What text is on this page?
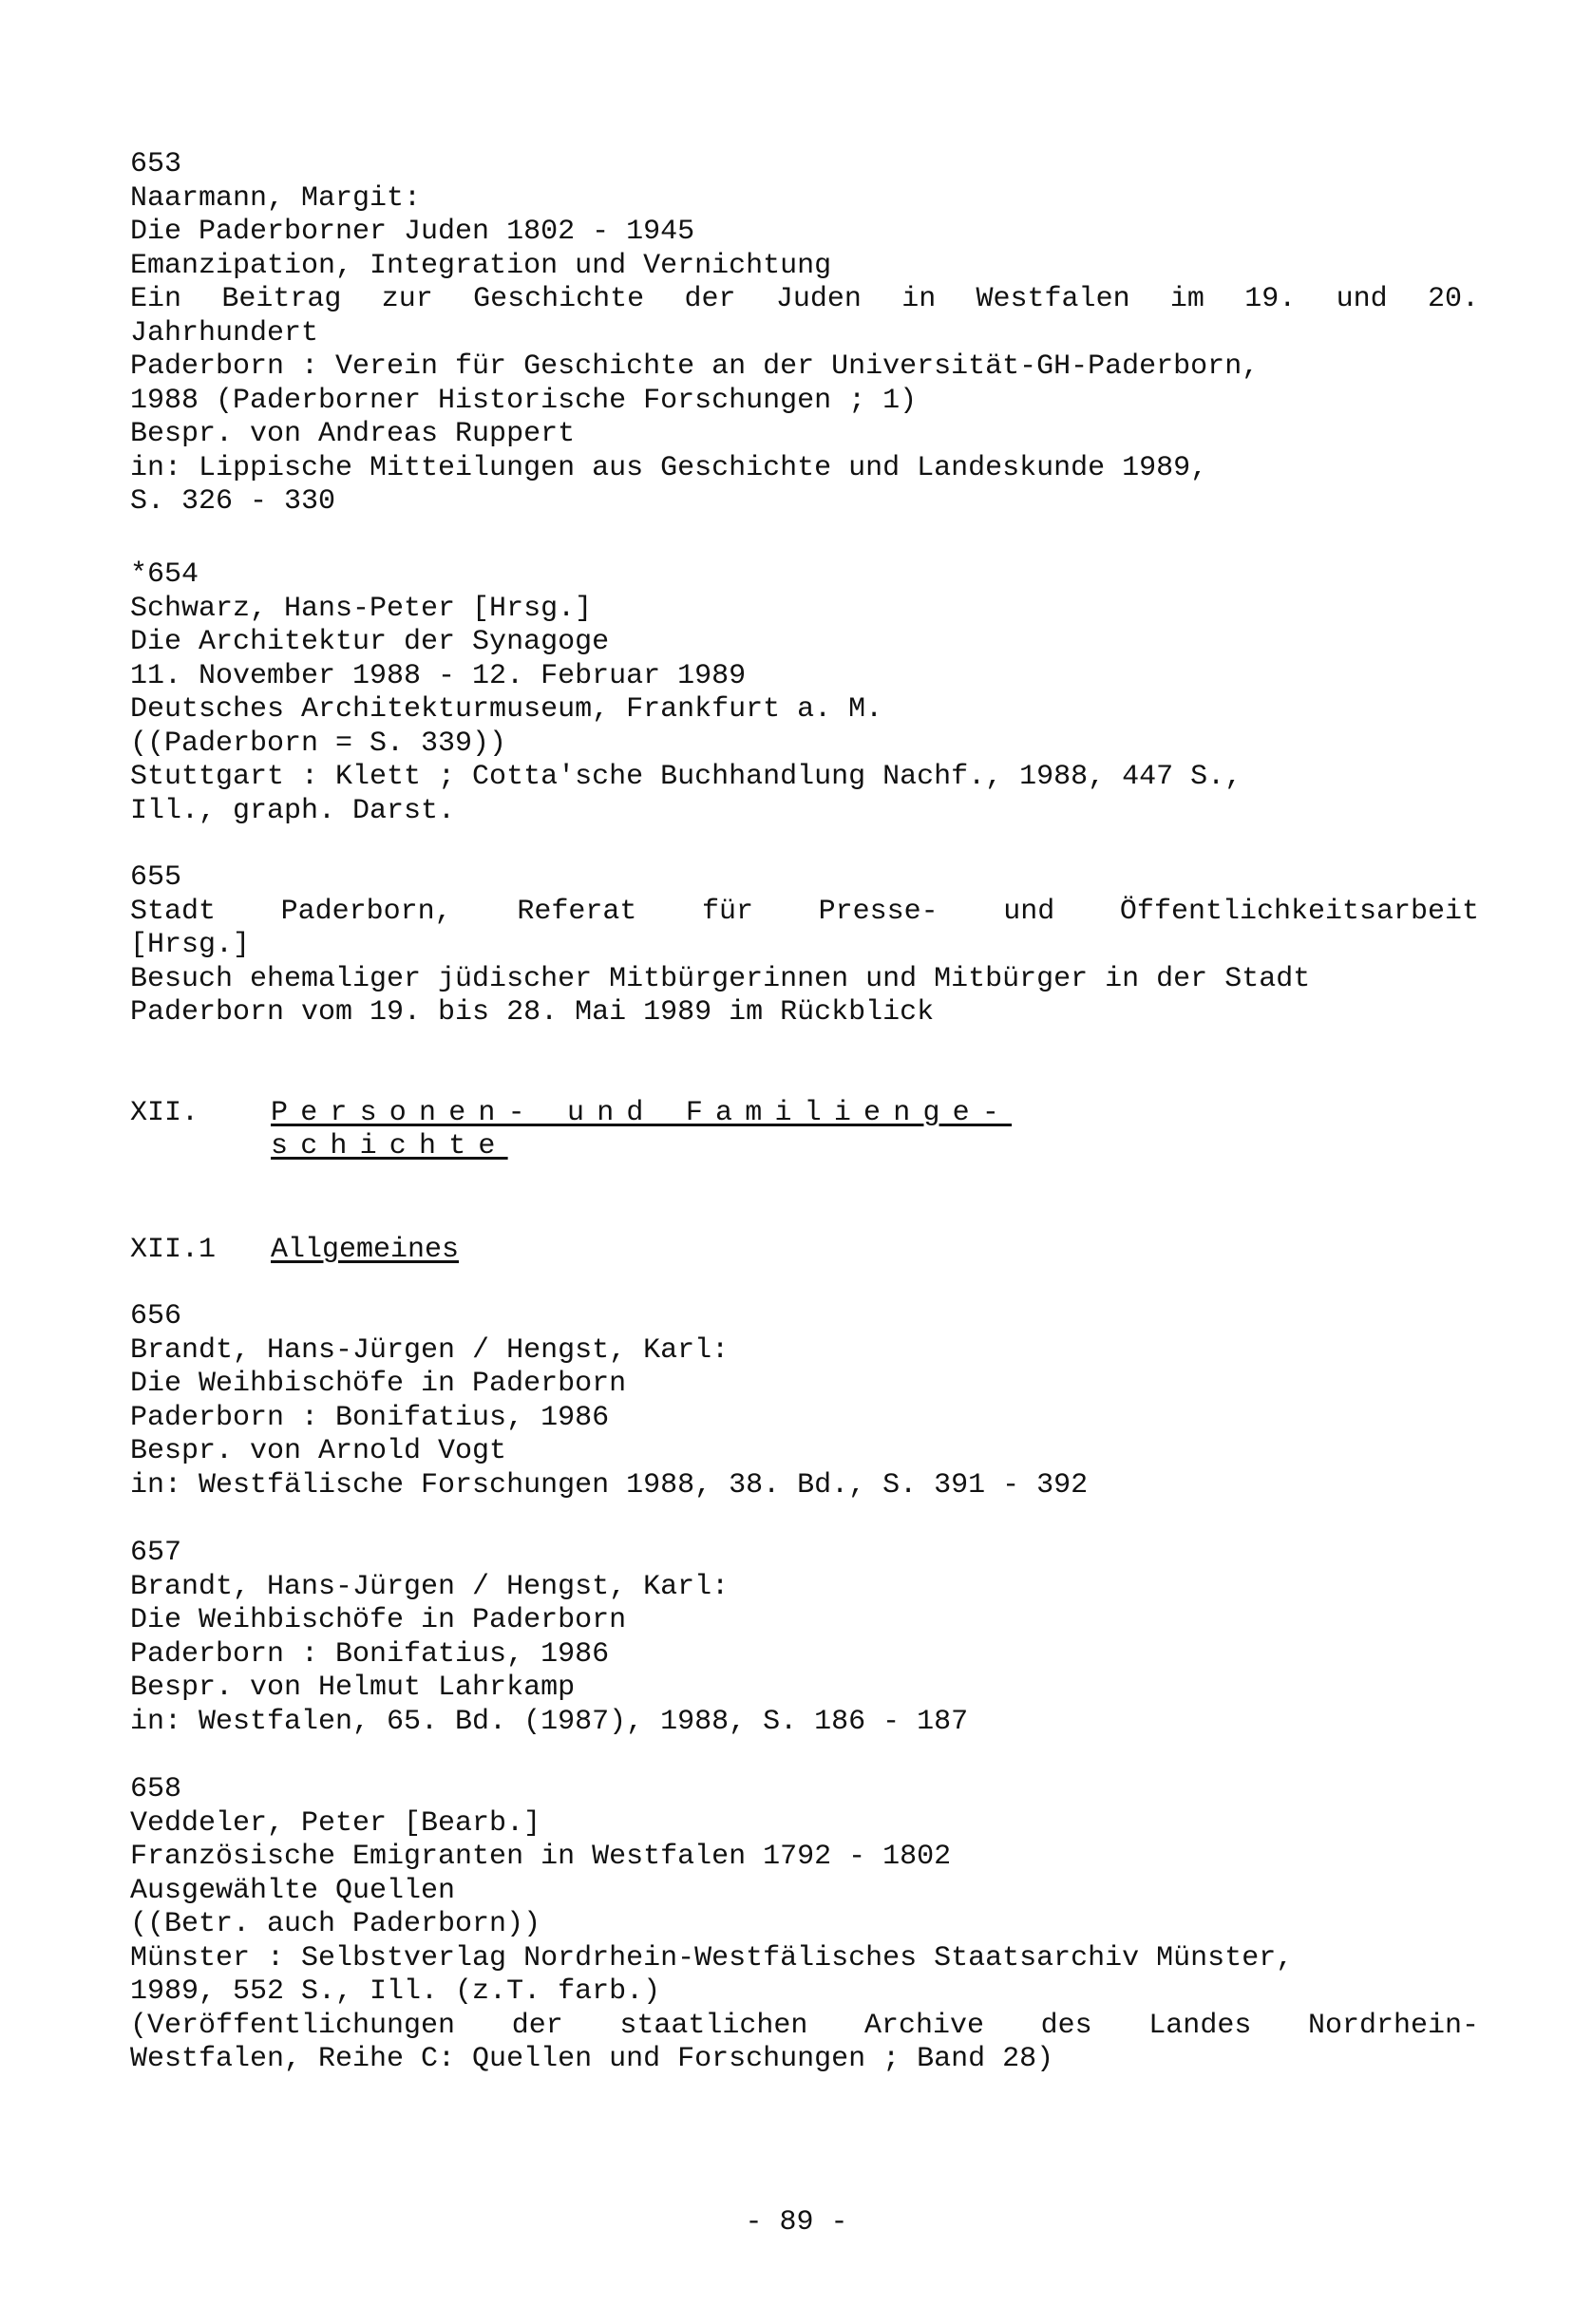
653
Naarmann, Margit:
Die Paderborner Juden 1802 - 1945
Emanzipation, Integration und Vernichtung
Ein Beitrag zur Geschichte der Juden in Westfalen im 19. und 20.
Jahrhundert
Paderborn : Verein für Geschichte an der Universität-GH-Paderborn,
1988 (Paderborner Historische Forschungen ; 1)
Bespr. von Andreas Ruppert
in: Lippische Mitteilungen aus Geschichte und Landeskunde 1989,
S. 326 - 330
*654
Schwarz, Hans-Peter [Hrsg.]
Die Architektur der Synagoge
11. November 1988 - 12. Februar 1989
Deutsches Architekturmuseum, Frankfurt a. M.
((Paderborn = S. 339))
Stuttgart : Klett ; Cotta'sche Buchhandlung Nachf., 1988, 447 S.,
Ill., graph. Darst.
655
Stadt Paderborn, Referat für Presse- und Öffentlichkeitsarbeit
[Hrsg.]
Besuch ehemaliger jüdischer Mitbürgerinnen und Mitbürger in der Stadt
Paderborn vom 19. bis 28. Mai 1989 im Rückblick
XII.	Personen- und Familienge-
schichte
XII.1 Allgemeines
656
Brandt, Hans-Jürgen / Hengst, Karl:
Die Weihbischöfe in Paderborn
Paderborn : Bonifatius, 1986
Bespr. von Arnold Vogt
in: Westfälische Forschungen 1988, 38. Bd., S. 391 - 392
657
Brandt, Hans-Jürgen / Hengst, Karl:
Die Weihbischöfe in Paderborn
Paderborn : Bonifatius, 1986
Bespr. von Helmut Lahrkamp
in: Westfalen, 65. Bd. (1987), 1988, S. 186 - 187
658
Veddeler, Peter [Bearb.]
Französische Emigranten in Westfalen 1792 - 1802
Ausgewählte Quellen
((Betr. auch Paderborn))
Münster : Selbstverlag Nordrhein-Westfälisches Staatsarchiv Münster,
1989, 552 S., Ill. (z.T. farb.)
(Veröffentlichungen der staatlichen Archive des Landes Nordrhein-
Westfalen, Reihe C: Quellen und Forschungen ; Band 28)
- 89 -
